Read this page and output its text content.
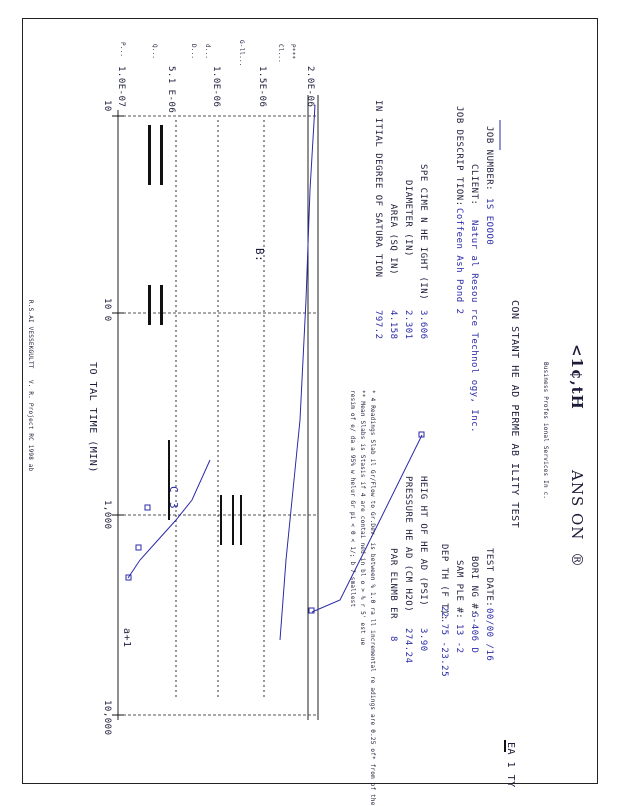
<1¢,tH
ANS ON
®
Business Profes ional Services In c.
CON STANT HE AD PERME AB ILITY TEST
JOB NUMBER:
1S EOOO0
CLIENT:
Natur al Resou rce Technol ogy, Inc.
JOB DESCRIP TION:
Coffeen Ash Pond 2
TEST DATE:
00/00 /16
BORI NG #:
G-406 D
SAM PLE #:
13 -2
DEP TH (F T):
22.75 -23.25
SPE CIME N HE IGHT (IN)
3.606
DIAMETER (IN)
2.301
AREA (SQ IN)
4.158
IN ITIAL DEGREE OF SATURA TION
797.2
HEIG HT OF HE AD (PSI)
3.90
PRESSURE HE AD (CM H2O)
274.24
PAR ELNMB ER
8
* 4 Readings Slab il Gr/Flow to Gr.Dev. is between % 1.0 ra ll incremental re adings are 0.25 of* from of the
** Mean Slabs is Stasis if 4 are contai ned in bl o > % r 5' est ue
resim of e/ da a 95% w helur Gr pi < 0 < 1/; b 7 smallest
2.0E-06
1.5E-06
1.0E-06
5.1 E-06
1.0E-07
10
10 0
1,000
10,000
TO TAL TIME (MIN)
P***
Cl...
G-ll...
d...
D...
Q...
P...
B:
C
3
a+1
R.S.AI VESSEKGULTT
V. R. Project RC 1998 ab
EA 1 TY
